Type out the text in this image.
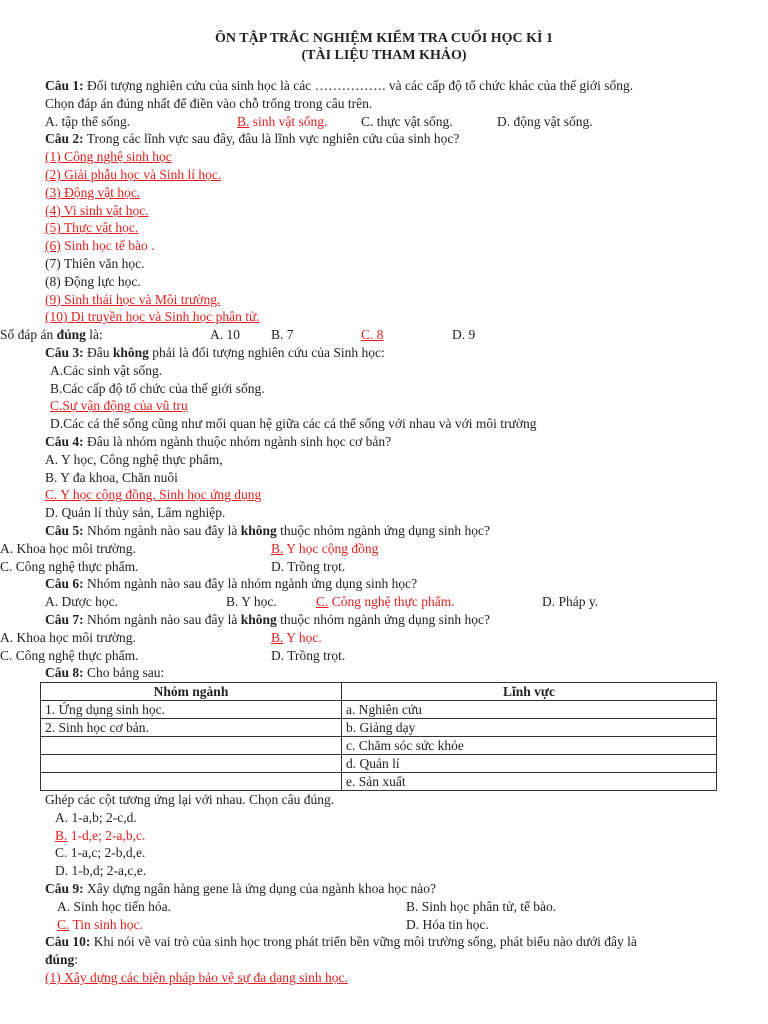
ÔN TẬP TRẮC NGHIỆM KIỂM TRA CUỐI HỌC KÌ 1
(TÀI LIỆU THAM KHẢO)
Câu 1: Đối tượng nghiên cứu của sinh học là các ……………. và các cấp độ tổ chức khác của thế giới sống.
Chọn đáp án đúng nhất để điền vào chỗ trống trong câu trên.
A. tập thể sống.	B. sinh vật sống. C. thực vật sống.	D. động vật sống.
Câu 2: Trong các lĩnh vực sau đây, đâu là lĩnh vực nghiên cứu của sinh học?
(1) Công nghệ sinh học
(2) Giải phẫu học và Sinh lí học.
(3) Động vật học.
(4) Vi sinh vật học.
(5) Thực vật học.
(6) Sinh học tế bào .
(7) Thiên văn học.
(8) Động lực học.
(9) Sinh thái học và Môi trường.
(10) Di truyền học và Sinh học phân tử.
Số đáp án đúng là:	A. 10 B. 7	C. 8	D. 9
Câu 3: Đâu không phải là đối tượng nghiên cứu của Sinh học:
A.Các sinh vật sống.
B.Các cấp độ tổ chức của thế giới sống.
C.Sự vận động của vũ trụ
D.Các cá thể sống cũng như mối quan hệ giữa các cá thể sống với nhau và với môi trường
Câu 4: Đâu là nhóm ngành thuộc nhóm ngành sinh học cơ bản?
A. Y học, Công nghệ thực phẩm,
B. Y đa khoa, Chăn nuôi
C. Y học cộng đồng, Sinh học ứng dụng
D. Quản lí thủy sản, Lâm nghiệp.
Câu 5: Nhóm ngành nào sau đây là không thuộc nhóm ngành ứng dụng sinh học?
A. Khoa học môi trường.	B. Y học cộng đồng
C. Công nghệ thực phẩm.	D. Trồng trọt.
Câu 6: Nhóm ngành nào sau đây là nhóm ngành ứng dụng sinh học?
A. Dược học.	B. Y học.	C. Công nghệ thực phẩm.	D. Pháp y.
Câu 7: Nhóm ngành nào sau đây là không thuộc nhóm ngành ứng dụng sinh học?
A. Khoa học môi trường.	B. Y học.
C. Công nghệ thực phẩm.	D. Trồng trọt.
Câu 8: Cho bảng sau:
Nhóm ngành	Lĩnh vực
1. Ứng dụng sinh học.	a. Nghiên cứu
2. Sinh học cơ bản.	b. Giảng dạy
	c. Chăm sóc sức khỏe
	d. Quản lí
	e. Sản xuất
Ghép các cột tương ứng lại với nhau. Chọn câu đúng.
A. 1-a,b; 2-c,d.
B. 1-d,e; 2-a,b,c.
C. 1-a,c; 2-b,d,e.
D. 1-b,d; 2-a,c,e.
Câu 9: Xây dựng ngân hàng gene là ứng dụng của ngành khoa học nào?
A. Sinh học tiến hóa.	B. Sinh học phân tử, tế bào.
C. Tin sinh học.	D. Hóa tin học.
Câu 10: Khi nói về vai trò của sinh học trong phát triển bền vững môi trường sống, phát biểu nào dưới đây là
đúng:
(1) Xây dựng các biện pháp bảo vệ sự đa dạng sinh học.
